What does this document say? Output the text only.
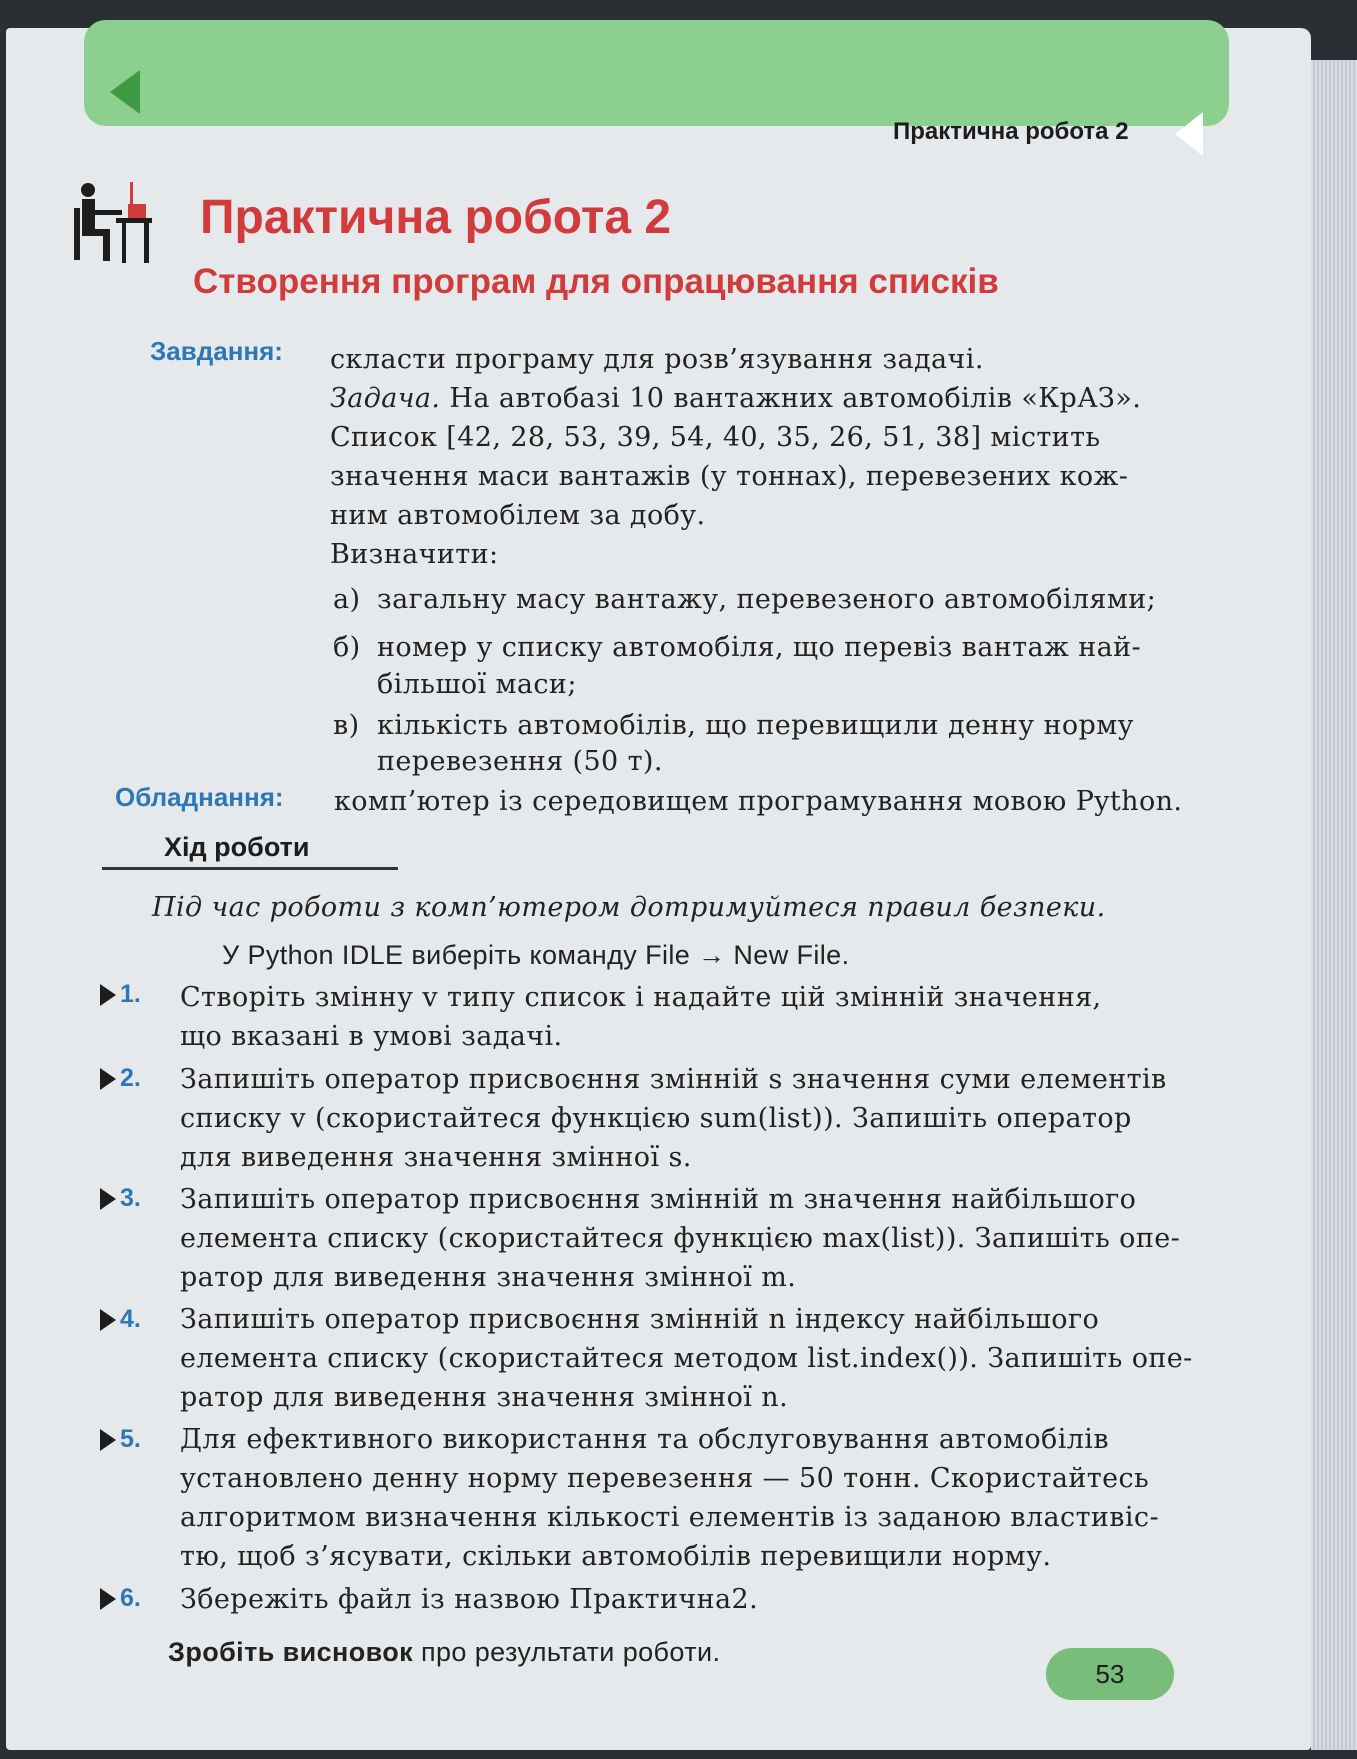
Практична робота 2
Практична робота 2
Створення програм для опрацювання списків
Завдання: скласти програму для розв’язування задачі.
Задача. На автобазі 10 вантажних автомобілів «КрАЗ».
Список [42, 28, 53, 39, 54, 40, 35, 26, 51, 38] містить
значення маси вантажів (у тоннах), перевезених кож-
ним автомобілем за добу.
Визначити:
а) загальну масу вантажу, перевезеного автомобілями;
б) номер у списку автомобіля, що перевіз вантаж най-
більшої маси;
в) кількість автомобілів, що перевищили денну норму
перевезення (50 т).
Обладнання: комп’ютер із середовищем програмування мовою Python.
Хід роботи
Під час роботи з комп’ютером дотримуйтеся правил безпеки.
У Python IDLE виберіть команду File → New File.
1. Створіть змінну v типу список і надайте цій змінній значення,
що вказані в умові задачі.
2. Запишіть оператор присвоєння змінній s значення суми елементів
списку v (скористайтеся функцією sum(list)). Запишіть оператор
для виведення значення змінної s.
3. Запишіть оператор присвоєння змінній m значення найбільшого
елемента списку (скористайтеся функцією max(list)). Запишіть опе-
ратор для виведення значення змінної m.
4. Запишіть оператор присвоєння змінній n індексу найбільшого
елемента списку (скористайтеся методом list.index()). Запишіть опе-
ратор для виведення значення змінної n.
5. Для ефективного використання та обслуговування автомобілів
установлено денну норму перевезення — 50 тонн. Скористайтесь
алгоритмом визначення кількості елементів із заданою властивіс-
тю, щоб з’ясувати, скільки автомобілів перевищили норму.
6. Збережіть файл із назвою Практична2.
Зробіть висновок про результати роботи.
53
